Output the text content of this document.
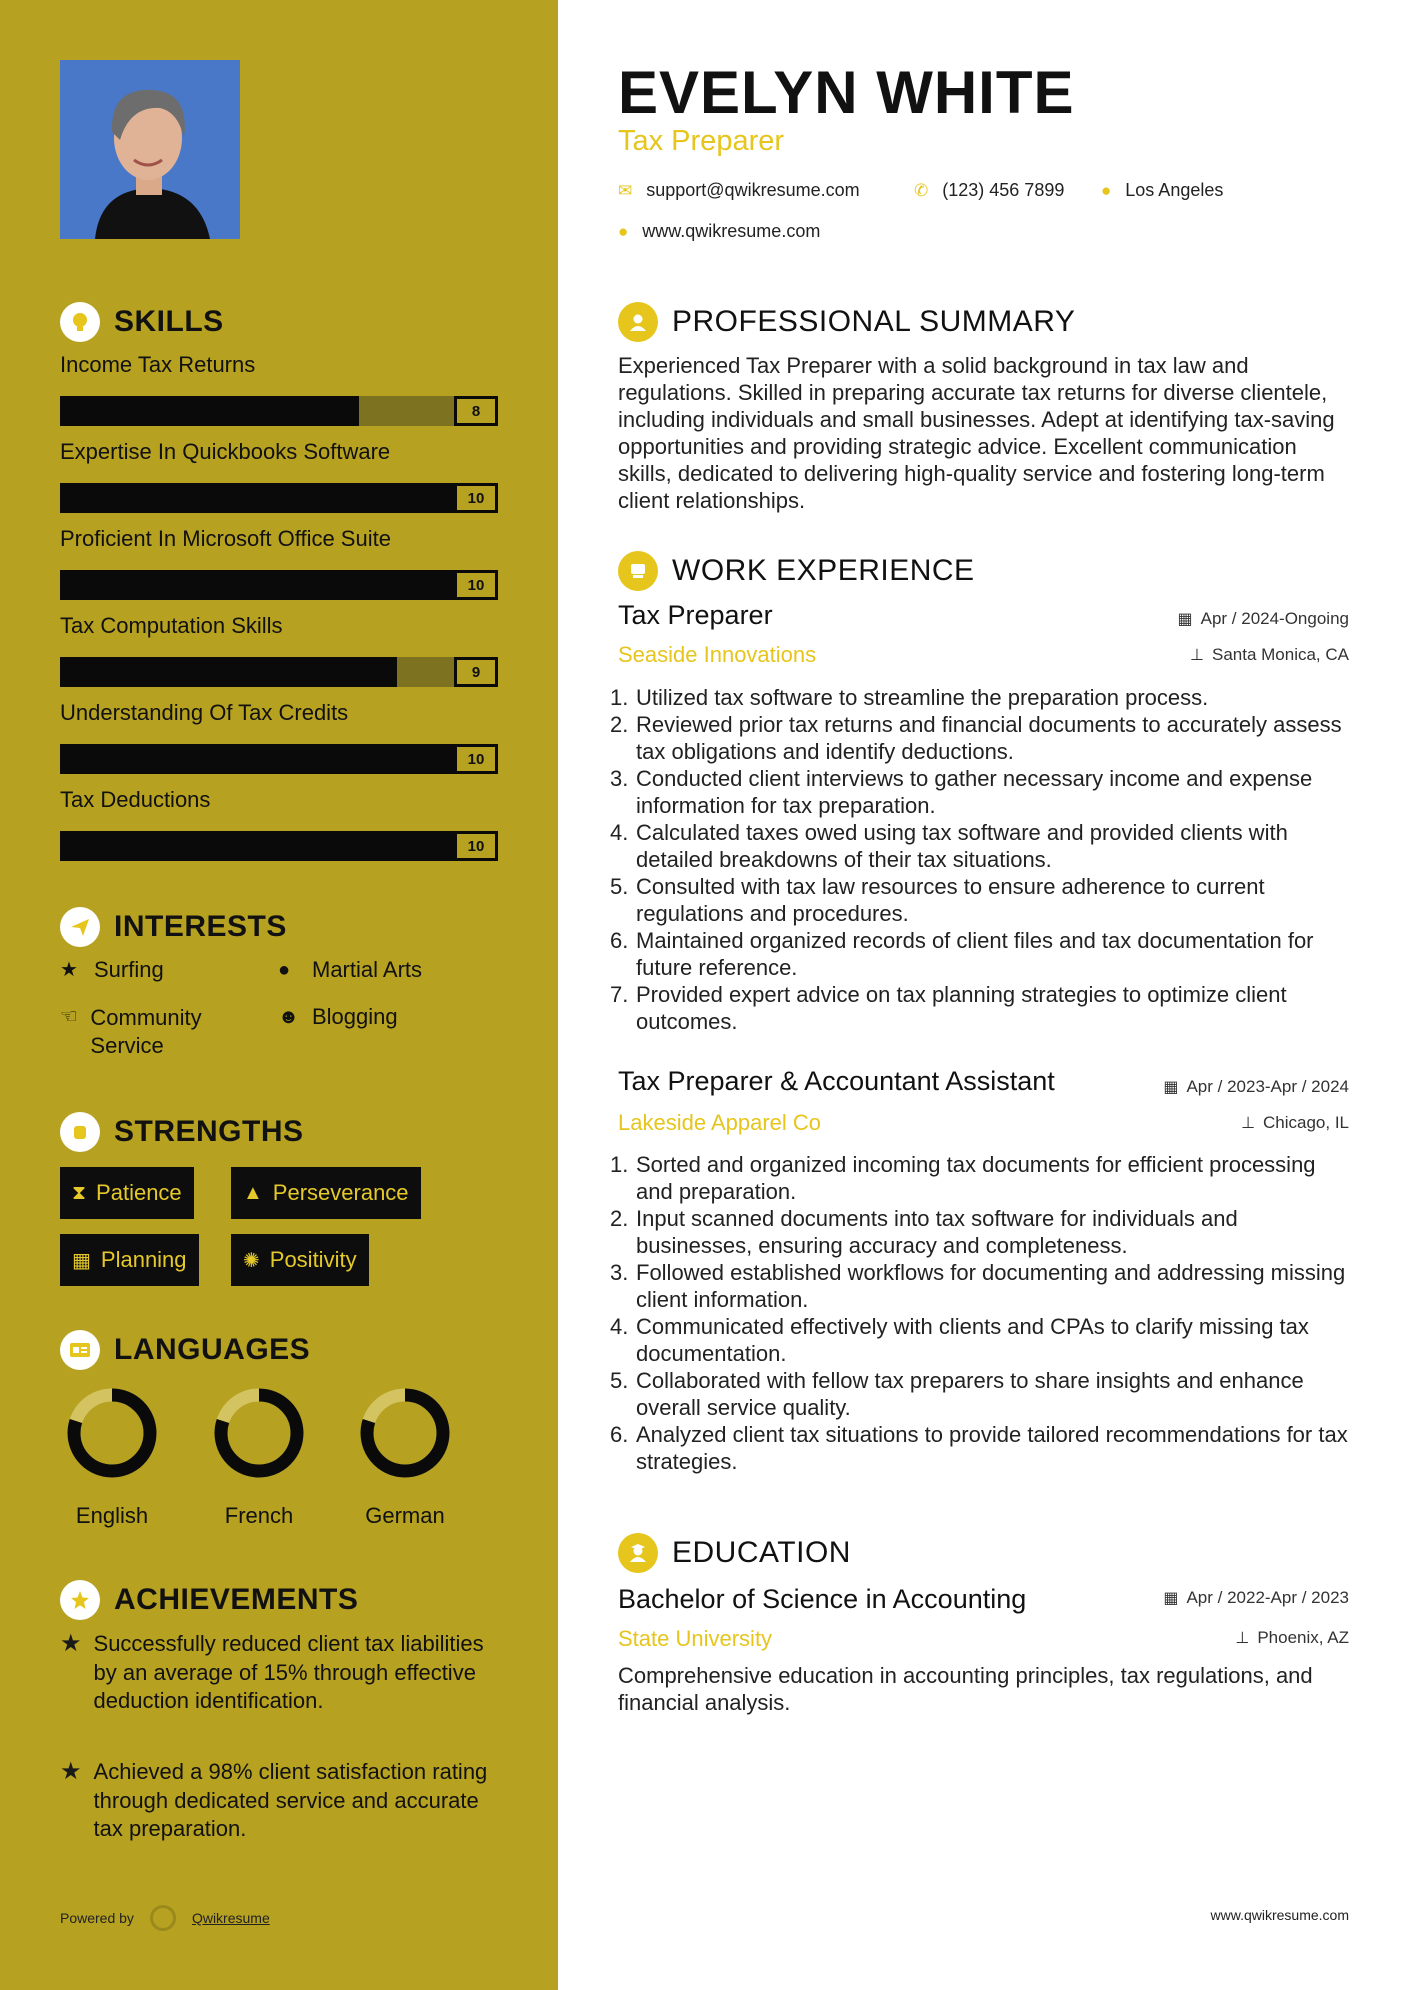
SKILLS
Income Tax Returns
8
Expertise In Quickbooks Software
10
Proficient In Microsoft Office Suite
10
Tax Computation Skills
9
Understanding Of Tax Credits
10
Tax Deductions
10
INTERESTS
★ Surfing	● Martial Arts
☜ Community Service
☻ Blogging
STRENGTHS
⧗ Patience	▲ Perseverance
▦ Planning	✺ Positivity
LANGUAGES
English	French	German
ACHIEVEMENTS
★ Successfully reduced client tax liabilities by an average of 15% through effective deduction identification.
★ Achieved a 98% client satisfaction rating through dedicated service and accurate tax preparation.
Powered by	Qwikresume
EVELYN WHITE
Tax Preparer
✉ support@qwikresume.com	✆ (123) 456 7899 ● Los Angeles
● www.qwikresume.com
PROFESSIONAL SUMMARY
Experienced Tax Preparer with a solid background in tax law and regulations. Skilled in preparing accurate tax returns for diverse clientele, including individuals and small businesses. Adept at identifying tax-saving opportunities and providing strategic advice. Excellent communication skills, dedicated to delivering high-quality service and fostering long-term client relationships.
WORK EXPERIENCE
Tax Preparer	▦ Apr / 2024-Ongoing
Seaside Innovations	⊥ Santa Monica, CA
1. Utilized tax software to streamline the preparation process.
2. Reviewed prior tax returns and financial documents to accurately assess tax obligations and identify deductions.
3. Conducted client interviews to gather necessary income and expense information for tax preparation.
4. Calculated taxes owed using tax software and provided clients with detailed breakdowns of their tax situations.
5. Consulted with tax law resources to ensure adherence to current regulations and procedures.
6. Maintained organized records of client files and tax documentation for future reference.
7. Provided expert advice on tax planning strategies to optimize client outcomes.
Tax Preparer & Accountant Assistant	▦ Apr / 2023-Apr / 2024
Lakeside Apparel Co	⊥ Chicago, IL
1. Sorted and organized incoming tax documents for efficient processing and preparation.
2. Input scanned documents into tax software for individuals and businesses, ensuring accuracy and completeness.
3. Followed established workflows for documenting and addressing missing client information.
4. Communicated effectively with clients and CPAs to clarify missing tax documentation.
5. Collaborated with fellow tax preparers to share insights and enhance overall service quality.
6. Analyzed client tax situations to provide tailored recommendations for tax strategies.
EDUCATION
Bachelor of Science in Accounting	▦ Apr / 2022-Apr / 2023
State University	⊥ Phoenix, AZ
Comprehensive education in accounting principles, tax regulations, and financial analysis.
www.qwikresume.com
